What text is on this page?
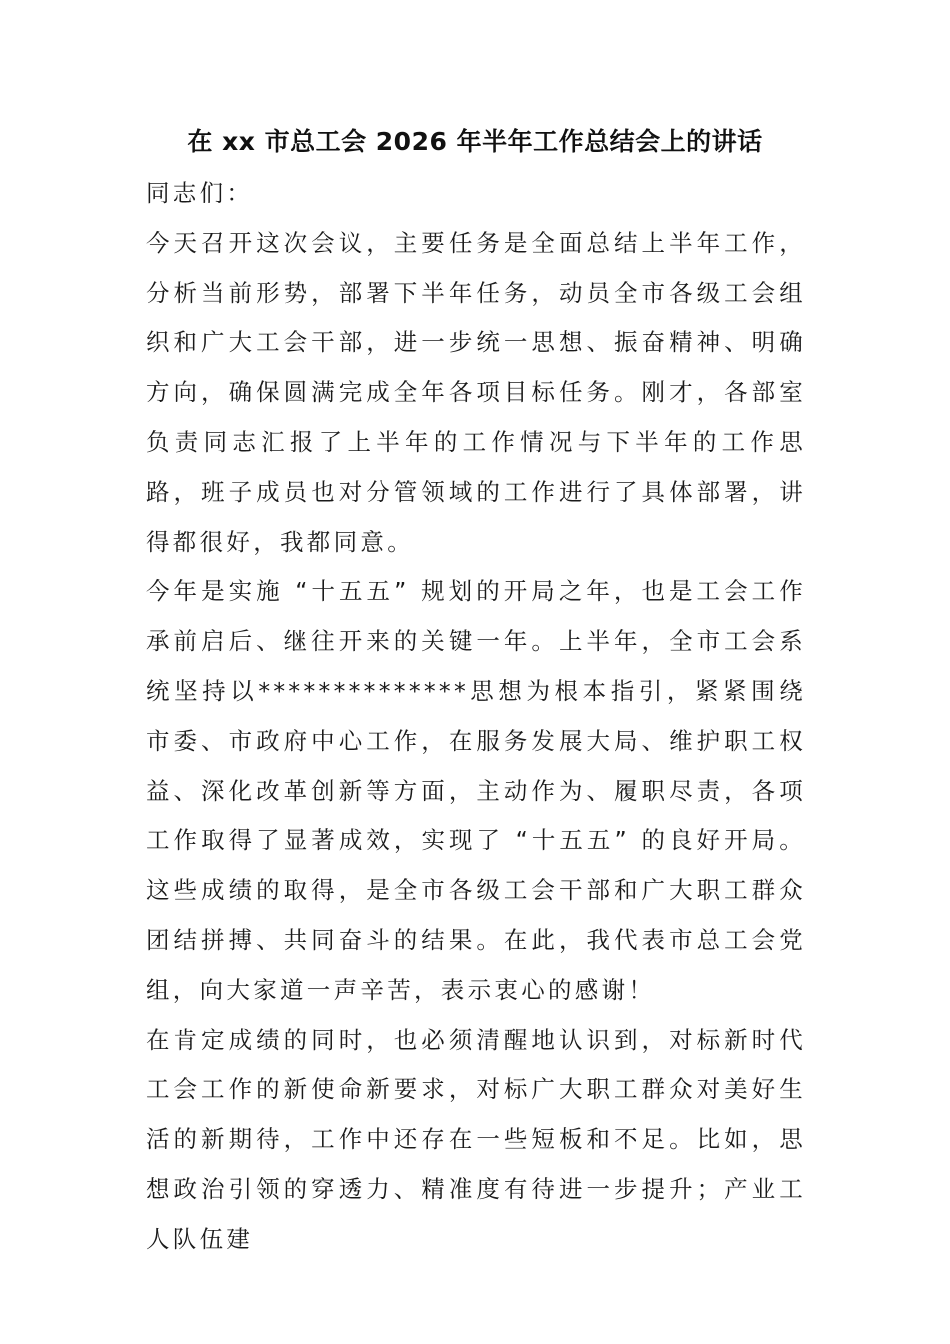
在 xx 市总工会 2026 年半年工作总结会上的讲话

同志们：

今天召开这次会议，主要任务是全面总结上半年工作，分析当前形势，部署下半年任务，动员全市各级工会组织和广大工会干部，进一步统一思想、振奋精神、明确方向，确保圆满完成全年各项目标任务。刚才，各部室负责同志汇报了上半年的工作情况与下半年的工作思路，班子成员也对分管领域的工作进行了具体部署，讲得都很好，我都同意。

今年是实施 “十五五” 规划的开局之年，也是工会工作承前启后、继往开来的关键一年。上半年，全市工会系统坚持以**************思想为根本指引，紧紧围绕市委、市政府中心工作，在服务发展大局、维护职工权益、深化改革创新等方面，主动作为、履职尽责，各项工作取得了显著成效，实现了 “十五五” 的良好开局。这些成绩的取得，是全市各级工会干部和广大职工群众团结拼搏、共同奋斗的结果。在此，我代表市总工会党组，向大家道一声辛苦，表示衷心的感谢！

在肯定成绩的同时，也必须清醒地认识到，对标新时代工会工作的新使命新要求，对标广大职工群众对美好生活的新期待，工作中还存在一些短板和不足。比如，思想政治引领的穿透力、精准度有待进一步提升；产业工人队伍建
